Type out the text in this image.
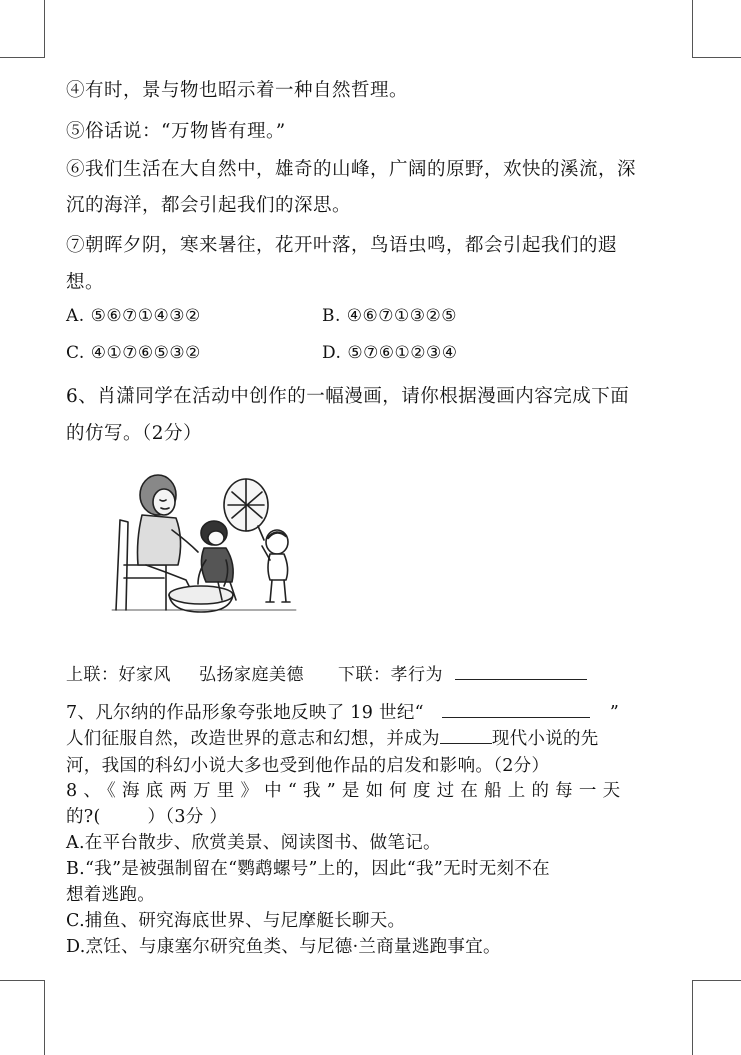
④有时，景与物也昭示着一种自然哲理。
⑤俗话说：“万物皆有理。”
⑥我们生活在大自然中，雄奇的山峰，广阔的原野，欢快的溪流，深
沉的海洋，都会引起我们的深思。
⑦朝晖夕阴，寒来暑往，花开叶落，鸟语虫鸣，都会引起我们的遐
想。
A. ⑤⑥⑦①④③②	B. ④⑥⑦①③②⑤
C. ④①⑦⑥⑤③②	D. ⑤⑦⑥①②③④
6、肖潇同学在活动中创作的一幅漫画，请你根据漫画内容完成下面
的仿写。（2分）
上联：好家风 弘扬家庭美德 下联：孝行为
7、凡尔纳的作品形象夸张地反映了 19 世纪“	”
人们征服自然，改造世界的意志和幻想，并成为	现代小说的先
河，我国的科幻小说大多也受到他作品的启发和影响。（2分）
8、《海底两万里》中“我”是如何度过在船上的每一天
的?(        ）（3分 ）
A.在平台散步、欣赏美景、阅读图书、做笔记。
B.“我”是被强制留在“鹦鹉螺号”上的，因此“我”无时无刻不在
想着逃跑。
C.捕鱼、研究海底世界、与尼摩艇长聊天。
D.烹饪、与康塞尔研究鱼类、与尼德·兰商量逃跑事宜。
